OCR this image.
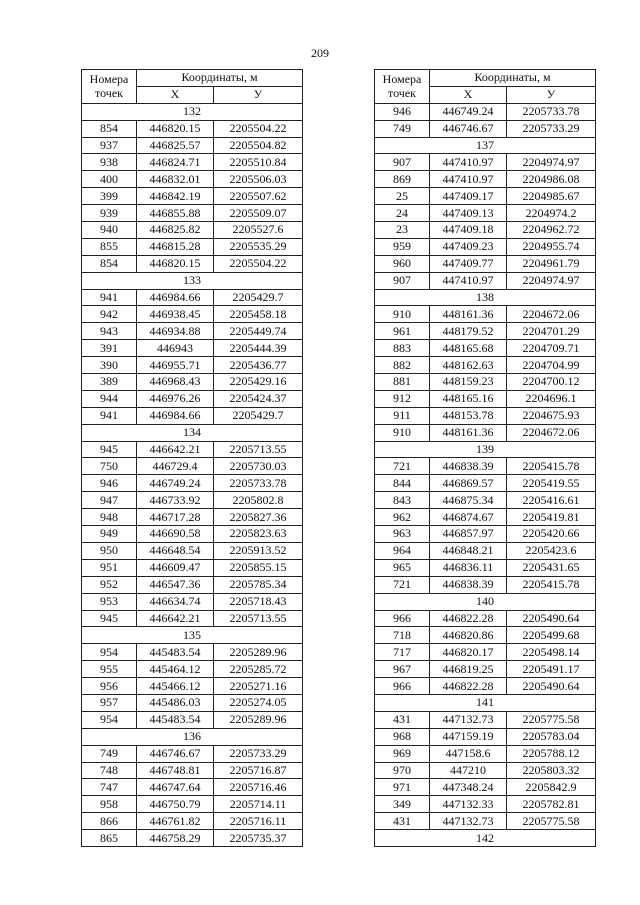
209
Номера точек	Координаты, м	
	X	У
132		
854	446820.15	2205504.22
937	446825.57	2205504.82
938	446824.71	2205510.84
400	446832.01	2205506.03
399	446842.19	2205507.62
939	446855.88	2205509.07
940	446825.82	2205527.6
855	446815.28	2205535.29
854	446820.15	2205504.22
133		
941	446984.66	2205429.7
942	446938.45	2205458.18
943	446934.88	2205449.74
391	446943	2205444.39
390	446955.71	2205436.77
389	446968.43	2205429.16
944	446976.26	2205424.37
941	446984.66	2205429.7
134		
945	446642.21	2205713.55
750	446729.4	2205730.03
946	446749.24	2205733.78
947	446733.92	2205802.8
948	446717.28	2205827.36
949	446690.58	2205823.63
950	446648.54	2205913.52
951	446609.47	2205855.15
952	446547.36	2205785.34
953	446634.74	2205718.43
945	446642.21	2205713.55
135		
954	445483.54	2205289.96
955	445464.12	2205285.72
956	445466.12	2205271.16
957	445486.03	2205274.05
954	445483.54	2205289.96
136		
749	446746.67	2205733.29
748	446748.81	2205716.87
747	446747.64	2205716.46
958	446750.79	2205714.11
866	446761.82	2205716.11
865	446758.29	2205735.37
Номера точек	Координаты, м	
	X	У
946	446749.24	2205733.78
749	446746.67	2205733.29
137		
907	447410.97	2204974.97
869	447410.97	2204986.08
25	447409.17	2204985.67
24	447409.13	2204974.2
23	447409.18	2204962.72
959	447409.23	2204955.74
960	447409.77	2204961.79
907	447410.97	2204974.97
138		
910	448161.36	2204672.06
961	448179.52	2204701.29
883	448165.68	2204709.71
882	448162.63	2204704.99
881	448159.23	2204700.12
912	448165.16	2204696.1
911	448153.78	2204675.93
910	448161.36	2204672.06
139		
721	446838.39	2205415.78
844	446869.57	2205419.55
843	446875.34	2205416.61
962	446874.67	2205419.81
963	446857.97	2205420.66
964	446848.21	2205423.6
965	446836.11	2205431.65
721	446838.39	2205415.78
140		
966	446822.28	2205490.64
718	446820.86	2205499.68
717	446820.17	2205498.14
967	446819.25	2205491.17
966	446822.28	2205490.64
141		
431	447132.73	2205775.58
968	447159.19	2205783.04
969	447158.6	2205788.12
970	447210	2205803.32
971	447348.24	2205842.9
349	447132.33	2205782.81
431	447132.73	2205775.58
142		
